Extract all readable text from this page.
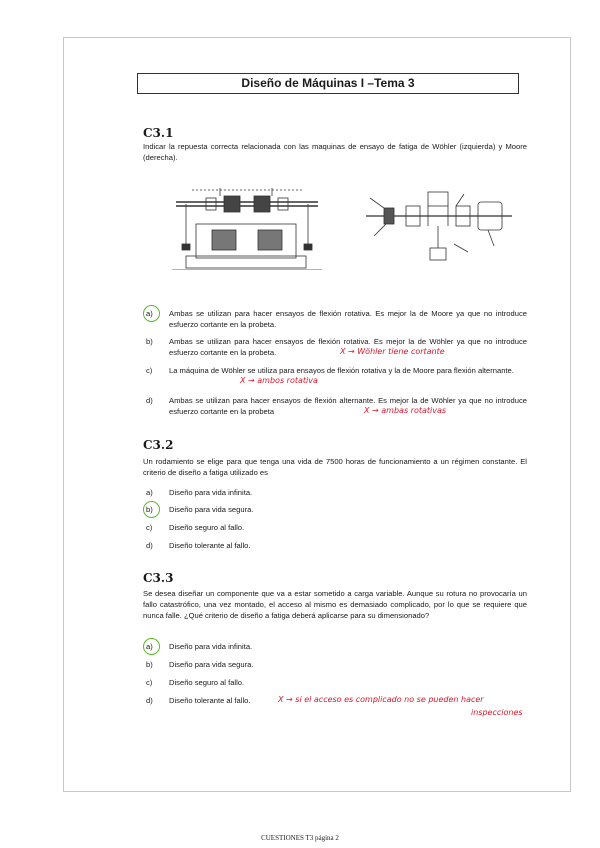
Diseño de Máquinas I –Tema 3
C3.1
Indicar la repuesta correcta relacionada con las maquinas de ensayo de fatiga de Wöhler (izquierda) y Moore (derecha).
a) Ambas se utilizan para hacer ensayos de flexión rotativa. Es mejor la de Moore ya que no introduce esfuerzo cortante en la probeta.
b) Ambas se utilizan para hacer ensayos de flexión rotativa. Es mejor la de Wöhler ya que no introduce esfuerzo cortante en la probeta.	X → Wöhler tiene cortante
c) La máquina de Wöhler se utiliza para ensayos de flexión rotativa y la de Moore para flexión alternante.
X → ambos rotativa
d) Ambas se utilizan para hacer ensayos de flexión alternante. Es mejor la de Wöhler ya que no introduce esfuerzo cortante en la probeta	X → ambas rotativas
C3.2
Un rodamiento se elige para que tenga una vida de 7500 horas de funcionamiento a un régimen constante. El criterio de diseño a fatiga utilizado es
a) Diseño para vida infinita.
b) Diseño para vida segura.
c) Diseño seguro al fallo.
d) Diseño tolerante al fallo.
C3.3
Se desea diseñar un componente que va a estar sometido a carga variable. Aunque su rotura no provocaría un fallo catastrófico, una vez montado, el acceso al mismo es demasiado complicado, por lo que se requiere que nunca falle. ¿Qué criterio de diseño a fatiga deberá aplicarse para su dimensionado?
a) Diseño para vida infinita.
b) Diseño para vida segura.
c) Diseño seguro al fallo.
d) Diseño tolerante al fallo.	X → si el acceso es complicado no se pueden hacer
inspecciones
CUESTIONES T3 página 2
